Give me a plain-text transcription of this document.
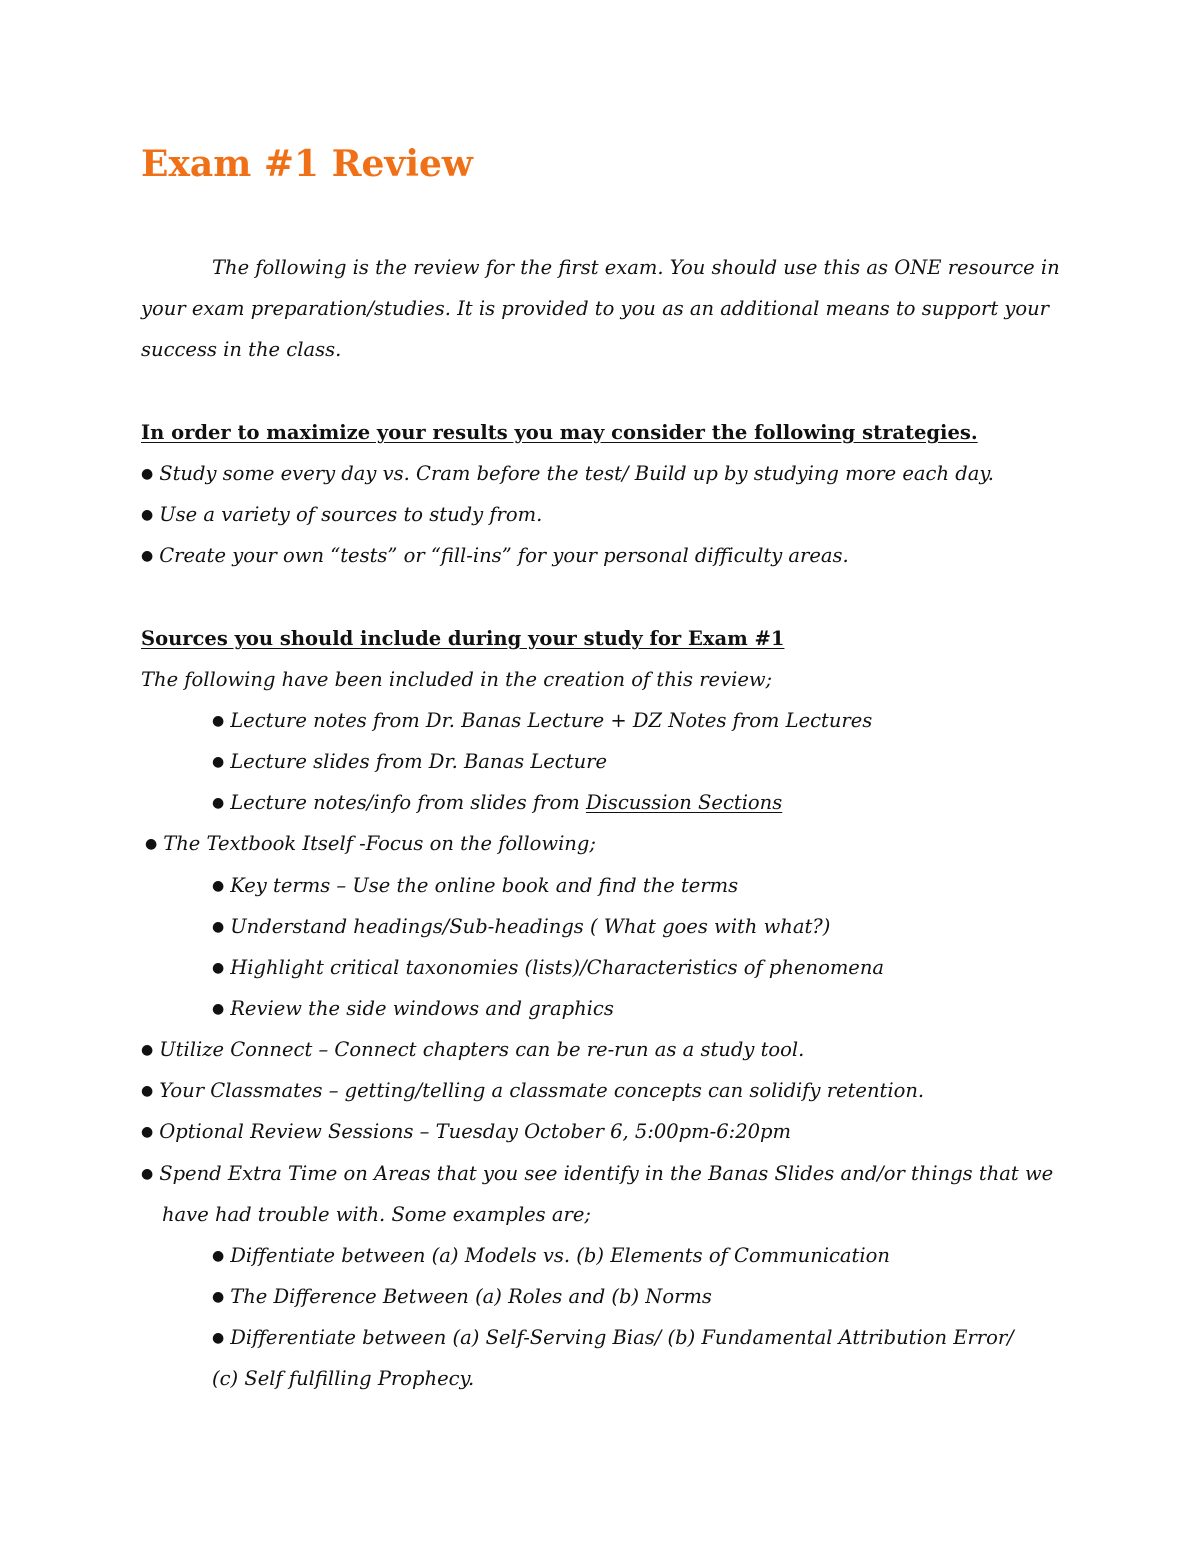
Exam #1 Review
The following is the review for the first exam. You should use this as ONE resource in
your exam preparation/studies. It is provided to you as an additional means to support your
success in the class.
In order to maximize your results you may consider the following strategies.
● Study some every day vs. Cram before the test/ Build up by studying more each day.
● Use a variety of sources to study from.
● Create your own “tests” or “fill-ins” for your personal difficulty areas.
Sources you should include during your study for Exam #1
The following have been included in the creation of this review;
● Lecture notes from Dr. Banas Lecture + DZ Notes from Lectures
● Lecture slides from Dr. Banas Lecture
● Lecture notes/info from slides from Discussion Sections
● The Textbook Itself -Focus on the following;
● Key terms – Use the online book and find the terms
● Understand headings/Sub-headings ( What goes with what?)
● Highlight critical taxonomies (lists)/Characteristics of phenomena
● Review the side windows and graphics
● Utilize Connect – Connect chapters can be re-run as a study tool.
● Your Classmates – getting/telling a classmate concepts can solidify retention.
● Optional Review Sessions – Tuesday October 6, 5:00pm-6:20pm
● Spend Extra Time on Areas that you see identify in the Banas Slides and/or things that we
have had trouble with. Some examples are;
● Diffentiate between (a) Models vs. (b) Elements of Communication
● The Difference Between (a) Roles and (b) Norms
● Differentiate between (a) Self-Serving Bias/ (b) Fundamental Attribution Error/
(c) Self fulfilling Prophecy.
